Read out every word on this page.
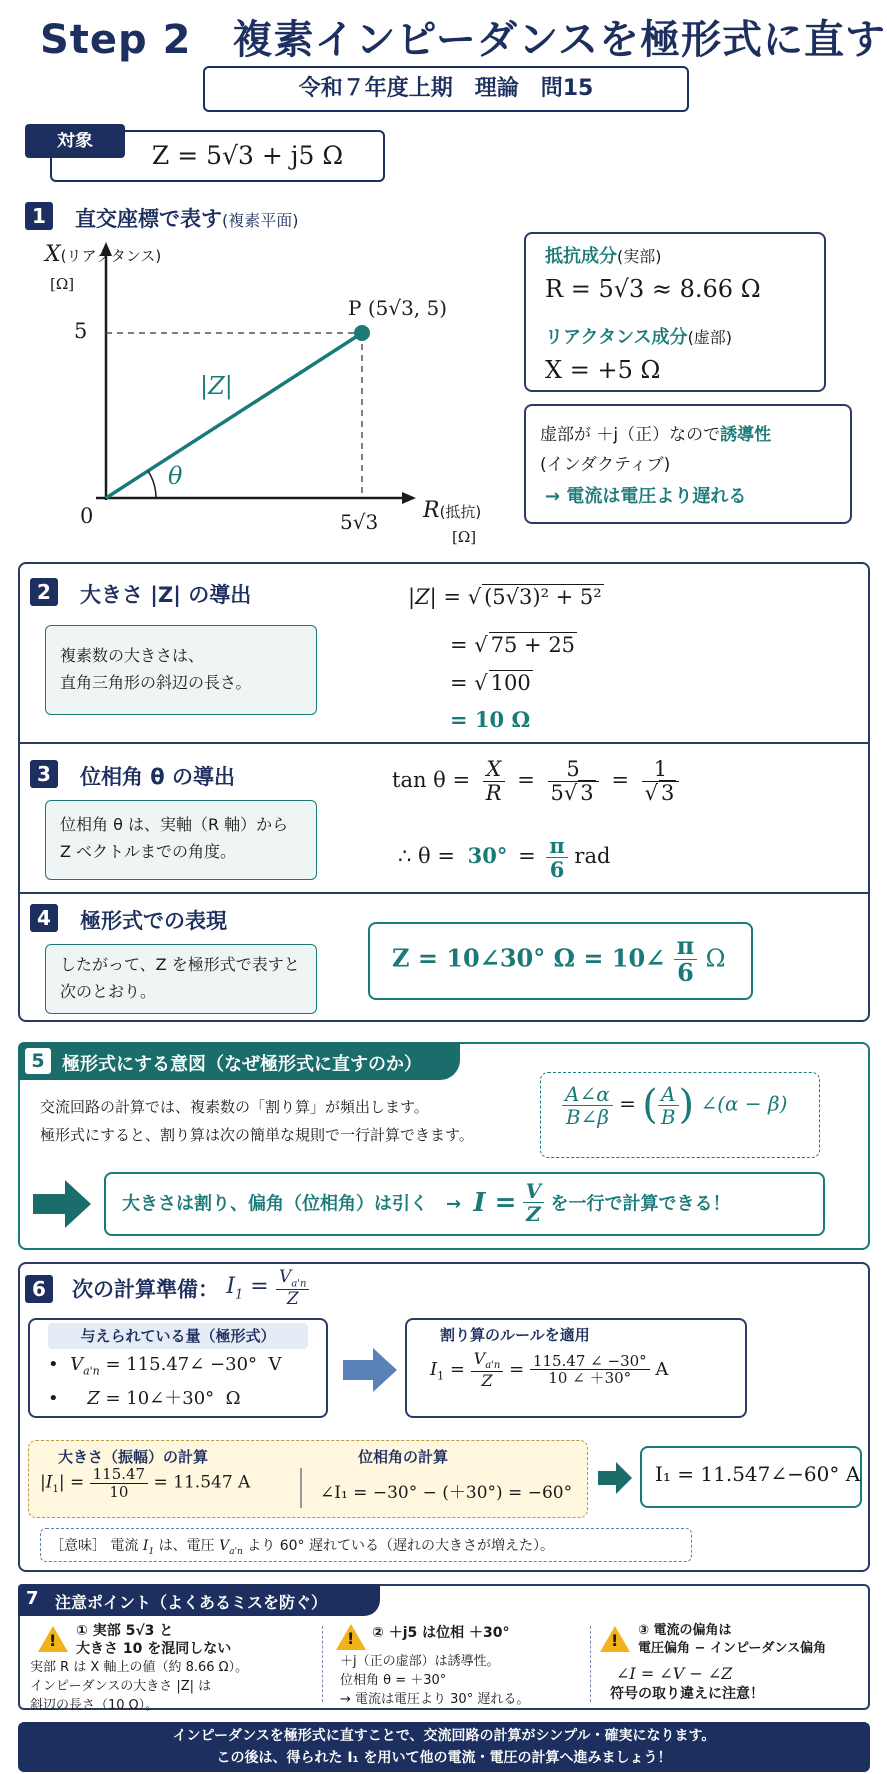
Step 2　複素インピーダンスを極形式に直す
令和７年度上期　理論　問15
対象
Z = 5√3 + j5 Ω
1	直交座標で表す(複素平面)
X(リアクタンス)
[Ω]
5
0	5√3 R(抵抗)
[Ω]
P (5√3, 5)
|Z|
θ
抵抗成分(実部)
R = 5√3 ≈ 8.66 Ω
リアクタンス成分(虚部)
X = +5 Ω
虚部が ＋j（正）なので誘導性
(インダクティブ)
→ 電流は電圧より遅れる
2	大きさ |Z| の導出
複素数の大きさは、
直角三角形の斜辺の長さ。
|Z| = √ (5√3)² + 5²
= √ 75 + 25
= √ 100
= 10 Ω
3	位相角 θ の導出
位相角 θ は、実軸（R 軸）から
Z ベクトルまでの角度。
$\tan \theta = \frac{X}{R} = \frac{5}{5√ 3} = \frac{1}{√ 3}$
∴ $\theta = 30^\circ = \frac{\pi}{6}$ rad
4	極形式での表現
したがって、Z を極形式で表すと
次のとおり。
Z = 10∠30° Ω = 10∠ $\frac{\pi}{6}$ Ω
5 極形式にする意図（なぜ極形式に直すのか）
交流回路の計算では、複素数の「割り算」が頻出します。
極形式にすると、割り算は次の簡単な規則で一行計算できます。
$\frac{A\angle\alpha}{B\angle\beta}$ = ( $\frac{A}{B}$ ) ∠(α − β)
大きさは割り、偏角（位相角）は引く　→ $I = \frac{V}{Z}$ を一行で計算できる！
6	次の計算準備： $I_1 = \frac{V_{a'n}}{Z}$
与えられている量（極形式）
•  $V_{a'n}$ = 115.47∠ −30°  V
•     Z = 10∠＋30°  Ω
割り算のルールを適用
$I_1 = \frac{V_{a'n}}{Z} = \frac{115.47 \angle -30^\circ}{10 \angle +30^\circ}$ A
大きさ（振幅）の計算	位相角の計算
$|I_1| = \frac{115.47}{10} = 11.547$ A
∠I₁ = −30° − (＋30°) = −60°
I₁ = 11.547∠−60° A
［意味］ 電流 $I_1$ は、電圧 $V_{a'n}$ より 60° 遅れている（遅れの大きさが増えた）。
7 注意ポイント（よくあるミスを防ぐ）
!
① 実部 5√3 と
大きさ 10 を混同しない
実部 R は X 軸上の値（約 8.66 Ω）。
インピーダンスの大きさ |Z| は
斜辺の長さ（10 Ω）。
!
② ＋j5 は位相 ＋30°
＋j（正の虚部）は誘導性。
位相角 θ = ＋30°
→ 電流は電圧より 30° 遅れる。
!
③ 電流の偏角は
電圧偏角 − インピーダンス偏角
∠I = ∠V − ∠Z
符号の取り違えに注意！
インピーダンスを極形式に直すことで、交流回路の計算がシンプル・確実になります。
この後は、得られた I₁ を用いて他の電流・電圧の計算へ進みましょう！
